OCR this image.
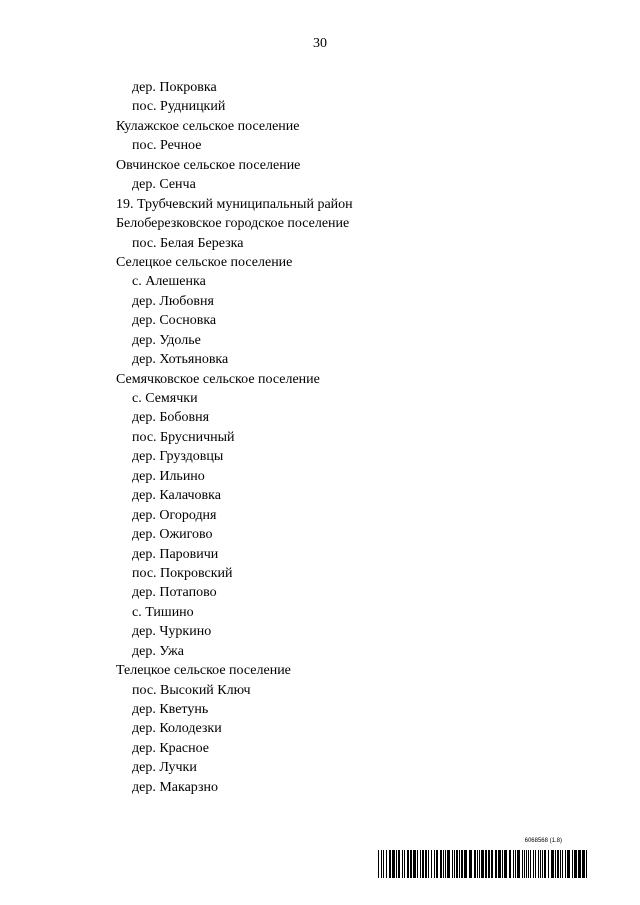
30
дер. Покровка
пос. Рудницкий
Кулажское сельское поселение
пос. Речное
Овчинское сельское поселение
дер. Сенча
19. Трубчевский муниципальный район
Белоберезковское городское поселение
пос. Белая Березка
Селецкое сельское поселение
с. Алешенка
дер. Любовня
дер. Сосновка
дер. Удолье
дер. Хотьяновка
Семячковское сельское поселение
с. Семячки
дер. Бобовня
пос. Брусничный
дер. Груздовцы
дер. Ильино
дер. Калачовка
дер. Огородня
дер. Ожигово
дер. Паровичи
пос. Покровский
дер. Потапово
с. Тишино
дер. Чуркино
дер. Ужа
Телецкое сельское поселение
пос. Высокий Ключ
дер. Кветунь
дер. Колодезки
дер. Красное
дер. Лучки
дер. Макарзно
6068568 (1.8)
